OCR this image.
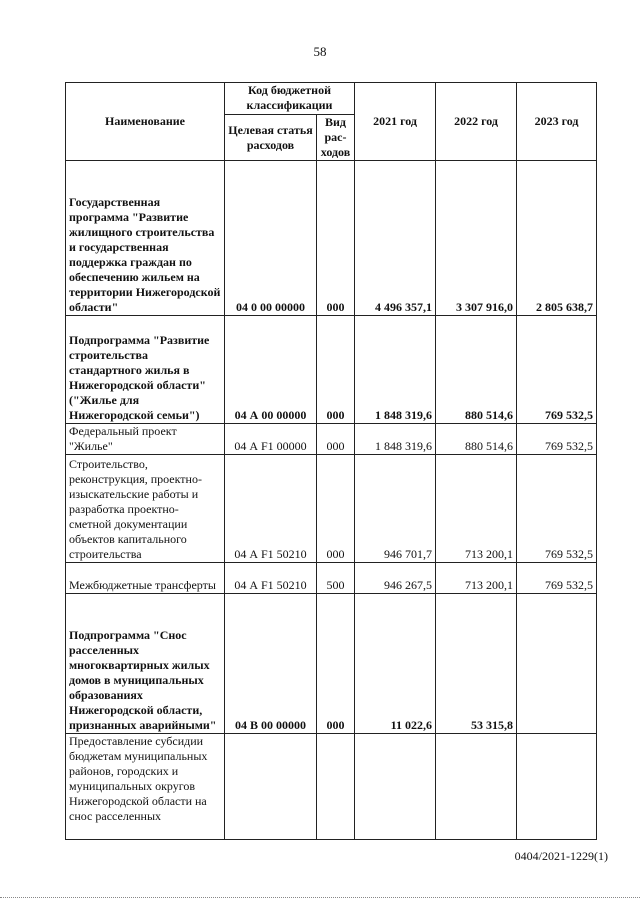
58
Наименование	Код бюджетной классификации		2021 год	2022 год	2023 год
	Целевая статья расходов	Вид рас-ходов			
Государственная программа "Развитие жилищного строительства и государственная поддержка граждан по обеспечению жильем на территории Нижегородской области"	04 0 00 00000	000	4 496 357,1	3 307 916,0	2 805 638,7
Подпрограмма "Развитие строительства стандартного жилья в Нижегородской области" ("Жилье для Нижегородской семьи")	04 А 00 00000	000	1 848 319,6	880 514,6	769 532,5
Федеральный проект "Жилье"	04 А F1 00000	000	1 848 319,6	880 514,6	769 532,5
Строительство, реконструкция, проектно-изыскательские работы и разработка проектно-сметной документации объектов капитального строительства	04 А F1 50210	000	946 701,7	713 200,1	769 532,5
Межбюджетные трансферты	04 А F1 50210	500	946 267,5	713 200,1	769 532,5
Подпрограмма "Снос расселенных многоквартирных жилых домов в муниципальных образованиях Нижегородской области, признанных аварийными"	04 В 00 00000	000	11 022,6	53 315,8	
Предоставление субсидии бюджетам муниципальных районов, городских и муниципальных округов Нижегородской области на снос расселенных					
0404/2021-1229(1)
